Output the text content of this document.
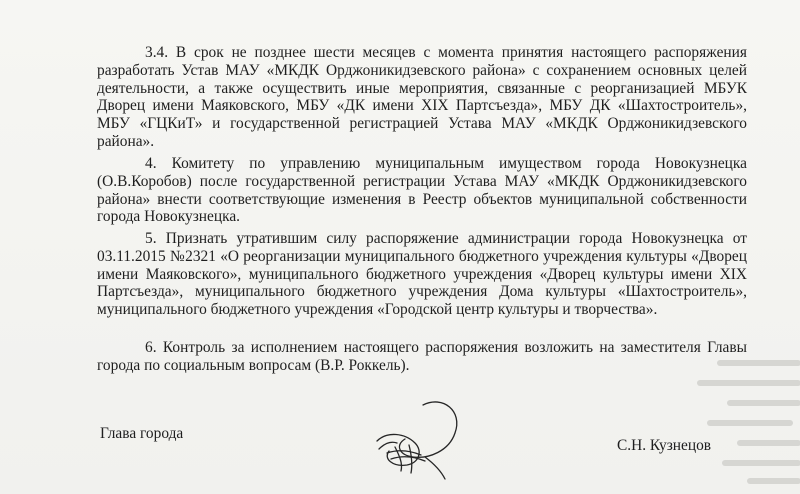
3.4. В срок не позднее шести месяцев с момента принятия настоящего распоряжения разработать Устав МАУ «МКДК Орджоникидзевского района» с сохранением основных целей деятельности, а также осуществить иные мероприятия, связанные с реорганизацией МБУК Дворец имени Маяковского, МБУ «ДК имени XIX Партсъезда», МБУ ДК «Шахтостроитель», МБУ «ГЦКиТ» и государственной регистрацией Устава МАУ «МКДК Орджоникидзевского района».

4. Комитету по управлению муниципальным имуществом города Новокузнецка (О.В.Коробов) после государственной регистрации Устава МАУ «МКДК Орджоникидзевского района» внести соответствующие изменения в Реестр объектов муниципальной собственности города Новокузнецка.

5. Признать утратившим силу распоряжение администрации города Новокузнецка от 03.11.2015 №2321 «О реорганизации муниципального бюджетного учреждения культуры «Дворец имени Маяковского», муниципального бюджетного учреждения «Дворец культуры имени XIX Партсъезда», муниципального бюджетного учреждения Дома культуры «Шахтостроитель», муниципального бюджетного учреждения «Городской центр культуры и творчества».

6. Контроль за исполнением настоящего распоряжения возложить на заместителя Главы города по социальным вопросам (В.Р. Роккель).

Глава города
С.Н. Кузнецов
